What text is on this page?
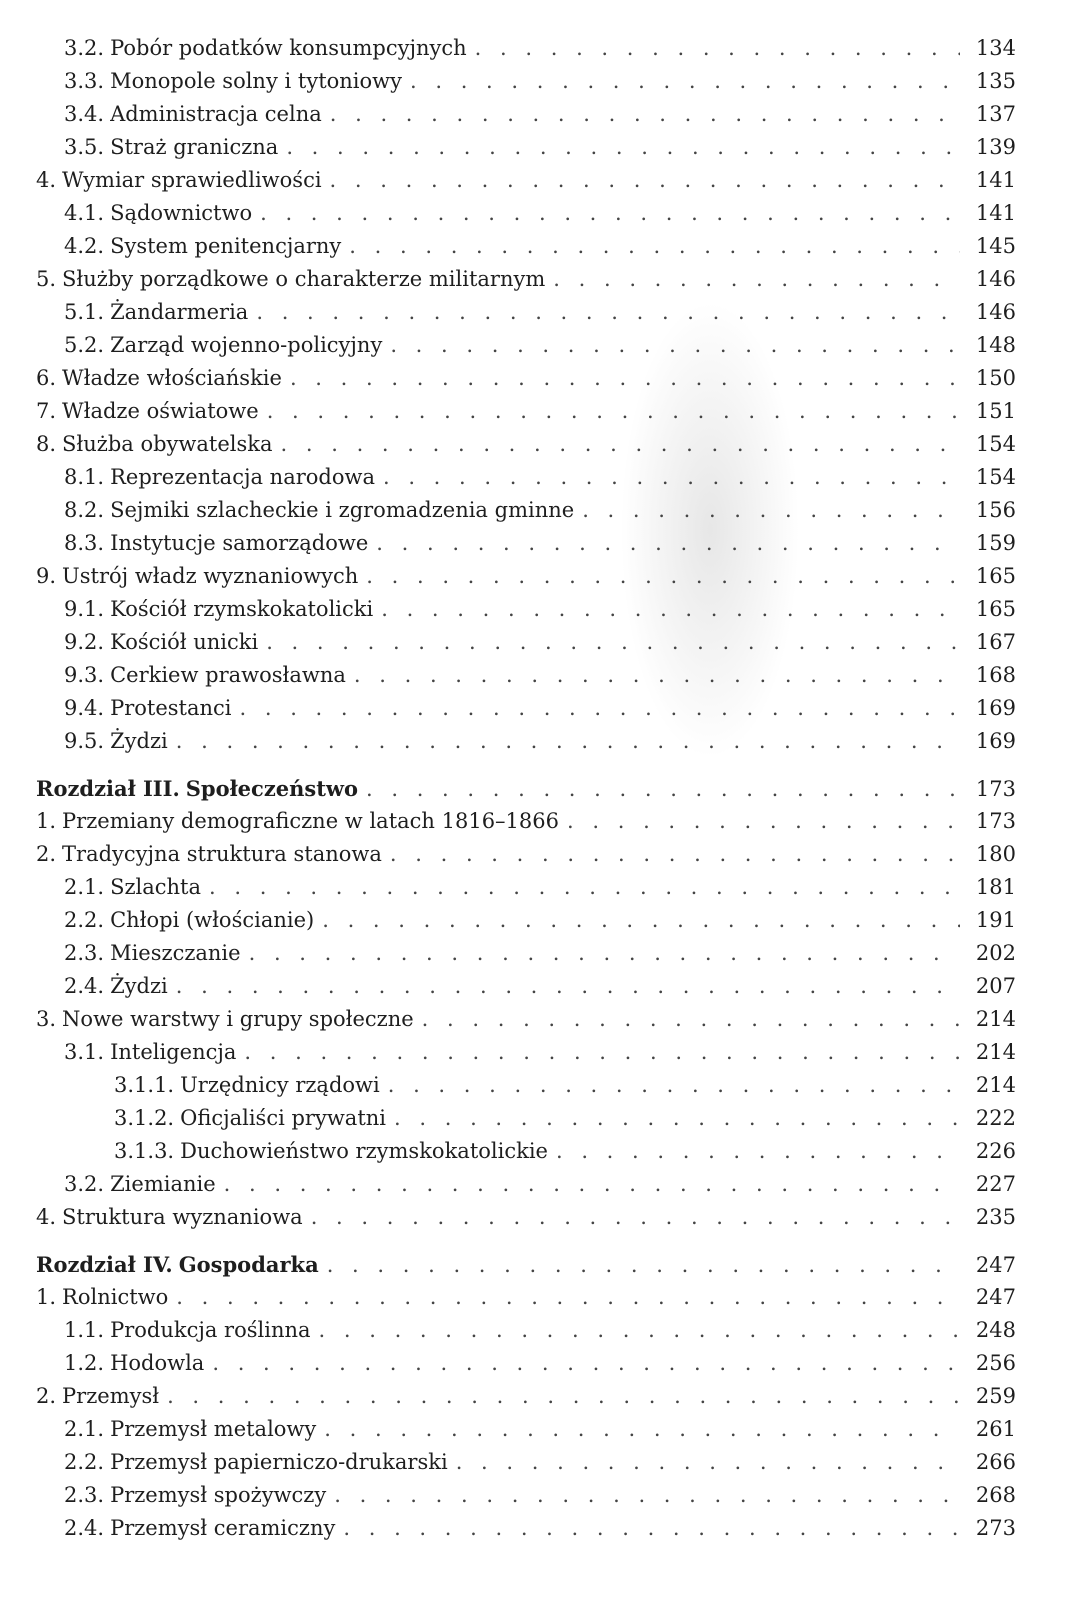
3.2. Pobór podatków konsumpcyjnych . . .	134
3.3. Monopole solny i tytoniowy . . .	135
3.4. Administracja celna . . .	137
3.5. Straż graniczna . . .	139
4. Wymiar sprawiedliwości . . .	141
4.1. Sądownictwo . . .	141
4.2. System penitencjarny . . .	145
5. Służby porządkowe o charakterze militarnym . . .	146
5.1. Żandarmeria . . .	146
5.2. Zarząd wojenno-policyjny . . .	148
6. Władze włościańskie . . .	150
7. Władze oświatowe . . .	151
8. Służba obywatelska . . .	154
8.1. Reprezentacja narodowa . . .	154
8.2. Sejmiki szlacheckie i zgromadzenia gminne . . .	156
8.3. Instytucje samorządowe . . .	159
9. Ustrój władz wyznaniowych . . .	165
9.1. Kościół rzymskokatolicki . . .	165
9.2. Kościół unicki . . .	167
9.3. Cerkiew prawosławna . . .	168
9.4. Protestanci . . .	169
9.5. Żydzi . . .	169
Rozdział III. Społeczeństwo . . .	173
1. Przemiany demograficzne w latach 1816–1866 . . .	173
2. Tradycyjna struktura stanowa . . .	180
2.1. Szlachta . . .	181
2.2. Chłopi (włościanie) . . .	191
2.3. Mieszczanie . . .	202
2.4. Żydzi . . .	207
3. Nowe warstwy i grupy społeczne . . .	214
3.1. Inteligencja . . .	214
3.1.1. Urzędnicy rządowi . . .	214
3.1.2. Oficjaliści prywatni . . .	222
3.1.3. Duchowieństwo rzymskokatolickie . . .	226
3.2. Ziemianie . . .	227
4. Struktura wyznaniowa . . .	235
Rozdział IV. Gospodarka . . .	247
1. Rolnictwo . . .	247
1.1. Produkcja roślinna . . .	248
1.2. Hodowla . . .	256
2. Przemysł . . .	259
2.1. Przemysł metalowy . . .	261
2.2. Przemysł papierniczo-drukarski . . .	266
2.3. Przemysł spożywczy . . .	268
2.4. Przemysł ceramiczny . . .	273
